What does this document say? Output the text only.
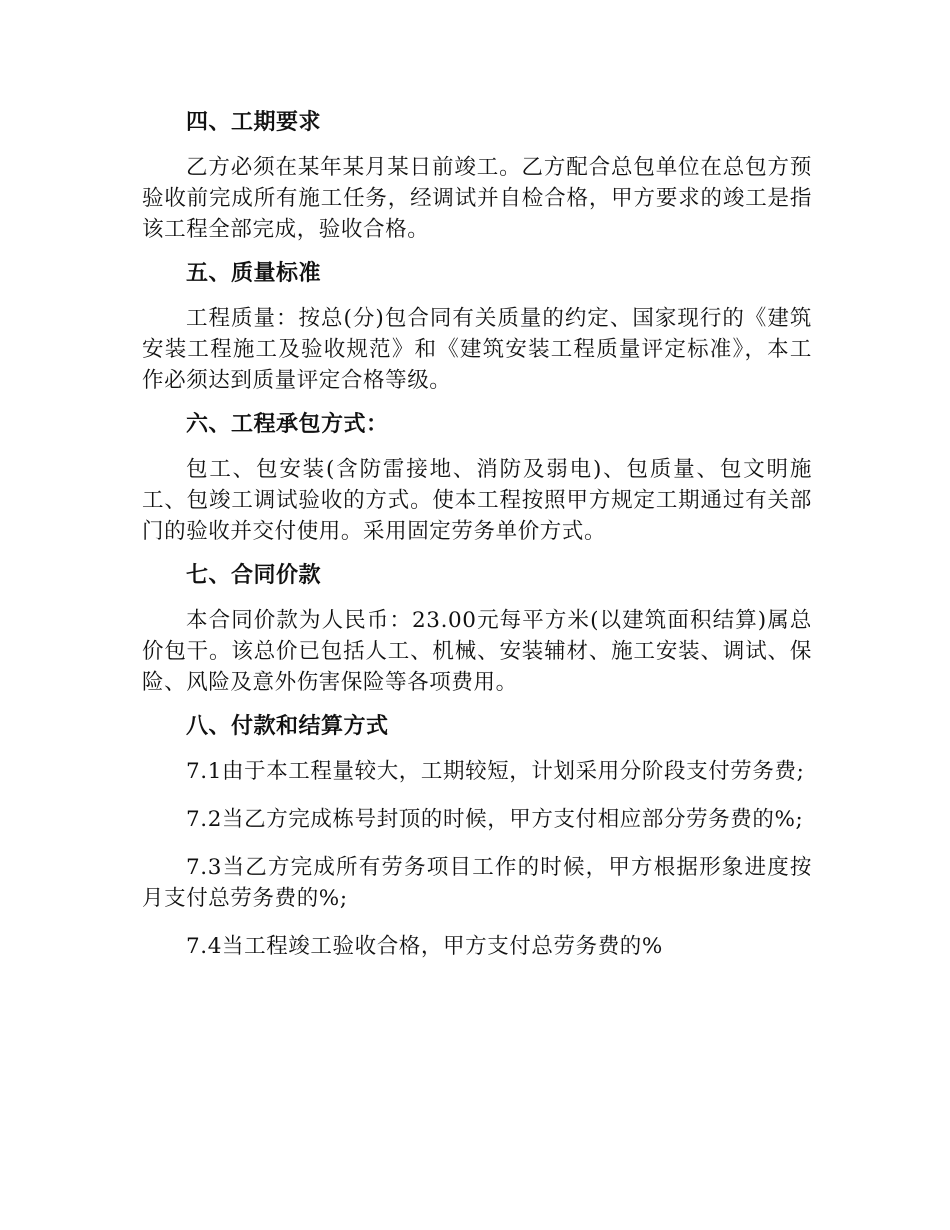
四、工期要求

乙方必须在某年某月某日前竣工。乙方配合总包单位在总包方预验收前完成所有施工任务，经调试并自检合格，甲方要求的竣工是指该工程全部完成，验收合格。

五、质量标准

工程质量：按总(分)包合同有关质量的约定、国家现行的《建筑安装工程施工及验收规范》和《建筑安装工程质量评定标准》，本工作必须达到质量评定合格等级。

六、工程承包方式：

包工、包安装(含防雷接地、消防及弱电)、包质量、包文明施工、包竣工调试验收的方式。使本工程按照甲方规定工期通过有关部门的验收并交付使用。采用固定劳务单价方式。

七、合同价款

本合同价款为人民币：23.00元每平方米(以建筑面积结算)属总价包干。该总价已包括人工、机械、安装辅材、施工安装、调试、保险、风险及意外伤害保险等各项费用。

八、付款和结算方式

7.1由于本工程量较大，工期较短，计划采用分阶段支付劳务费;

7.2当乙方完成栋号封顶的时候，甲方支付相应部分劳务费的%;

7.3当乙方完成所有劳务项目工作的时候，甲方根据形象进度按月支付总劳务费的%;

7.4当工程竣工验收合格，甲方支付总劳务费的%
